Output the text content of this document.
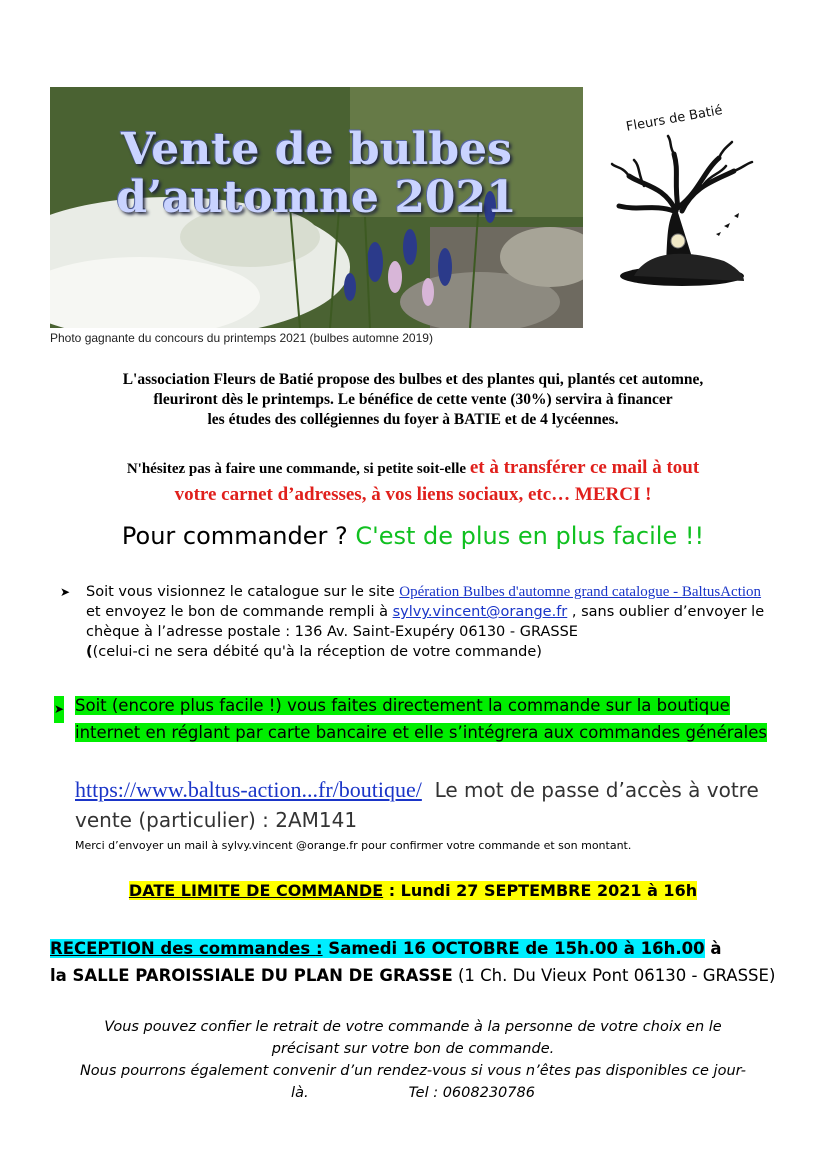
Vente de bulbes
d’automne 2021
Photo gagnante du concours du printemps 2021 (bulbes automne 2019)
Fleurs de Batié
L'association Fleurs de Batié propose des bulbes et des plantes qui, plantés cet automne,
fleuriront dès le printemps. Le bénéfice de cette vente (30%) servira à financer
les études des collégiennes du foyer à BATIE et de 4 lycéennes.
N'hésitez pas à faire une commande, si petite soit-elle et à transférer ce mail à tout
votre carnet d’adresses, à vos liens sociaux, etc… MERCI !
Pour commander ? C'est de plus en plus facile !!
➤ Soit vous visionnez le catalogue sur le site Opération Bulbes d'automne grand catalogue - BaltusAction et envoyez le bon de commande rempli à sylvy.vincent@orange.fr , sans oublier d’envoyer le chèque à l’adresse postale : 136 Av. Saint-Exupéry 06130 - GRASSE
((celui-ci ne sera débité qu'à la réception de votre commande)
➤ Soit (encore plus facile !) vous faites directement la commande sur la boutique internet en réglant par carte bancaire et elle s’intégrera aux commandes générales
https://www.baltus-action...fr/boutique/ Le mot de passe d’accès à votre vente (particulier) : 2AM141
Merci d’envoyer un mail à sylvy.vincent @orange.fr pour confirmer votre commande et son montant.
DATE LIMITE DE COMMANDE : Lundi 27 SEPTEMBRE 2021 à 16h
RECEPTION des commandes : Samedi 16 OCTOBRE de 15h.00 à 16h.00 à
la SALLE PAROISSIALE DU PLAN DE GRASSE (1 Ch. Du Vieux Pont 06130 - GRASSE)
Vous pouvez confier le retrait de votre commande à la personne de votre choix en le
précisant sur votre bon de commande.
Nous pourrons également convenir d’un rendez-vous si vous n’êtes pas disponibles ce jour-
là.	Tel : 0608230786
